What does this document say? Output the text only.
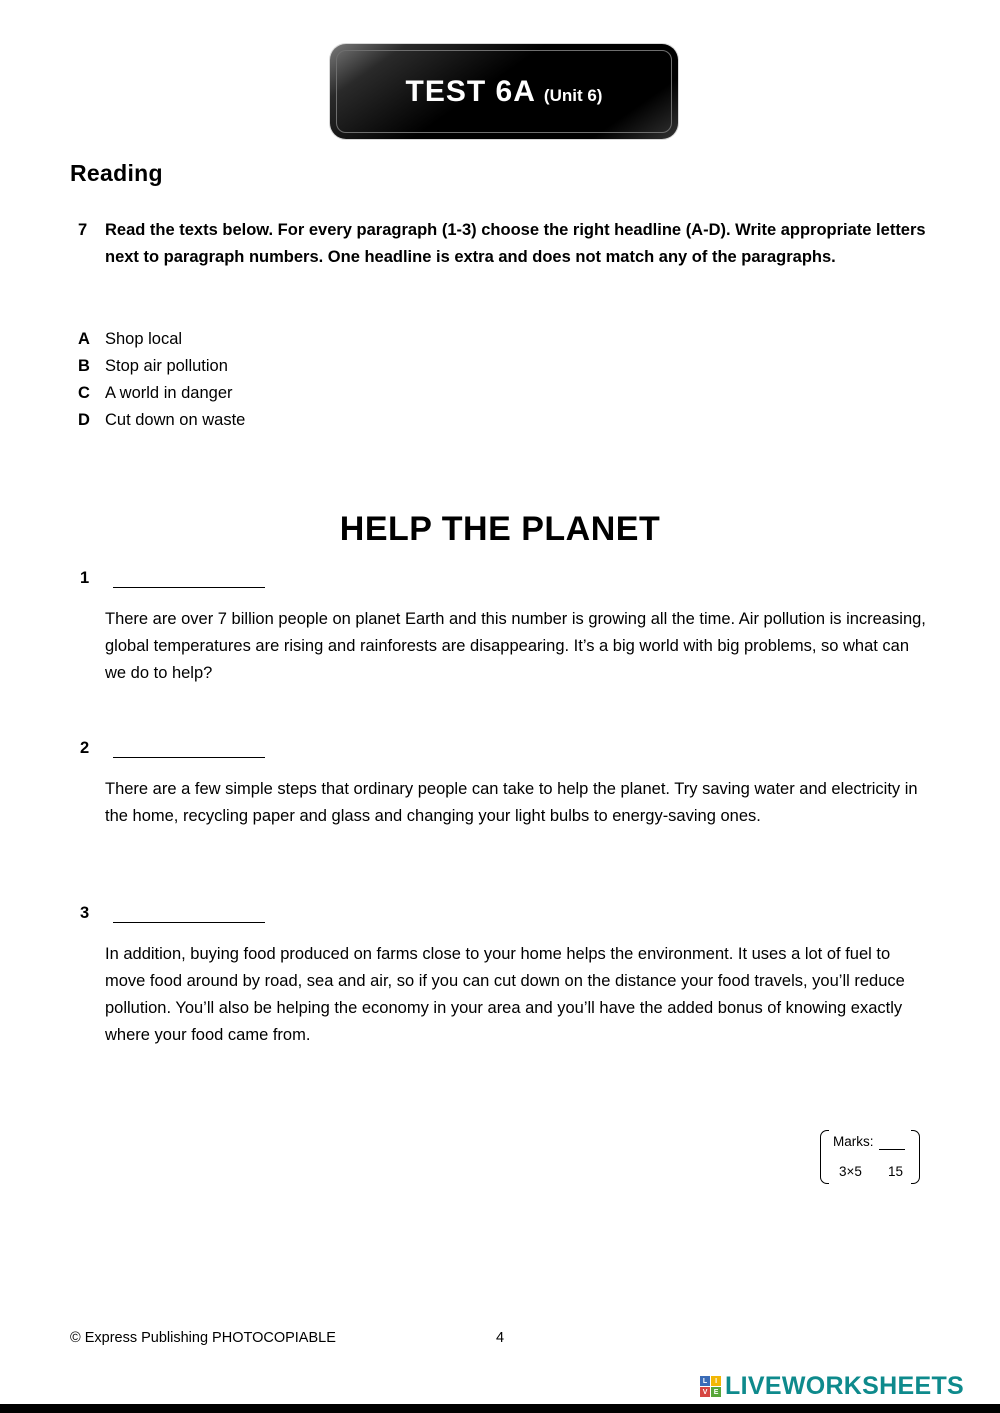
TEST 6A (Unit 6)
Reading
7	Read the texts below. For every paragraph (1-3) choose the right headline (A-D). Write appropriate letters next to paragraph numbers. One headline is extra and does not match any of the paragraphs.
A Shop local
B Stop air pollution
C A world in danger
D Cut down on waste
HELP THE PLANET
1
There are over 7 billion people on planet Earth and this number is growing all the time. Air pollution is increasing, global temperatures are rising and rainforests are disappearing. It’s a big world with big problems, so what can we do to help?
2
There are a few simple steps that ordinary people can take to help the planet. Try saving water and electricity in the home, recycling paper and glass and changing your light bulbs to energy-saving ones.
3
In addition, buying food produced on farms close to your home helps the environment. It uses a lot of fuel to move food around by road, sea and air, so if you can cut down on the distance your food travels, you’ll reduce pollution. You’ll also be helping the economy in your area and you’ll have the added bonus of knowing exactly where your food came from.
Marks:
3×5 15
© Express Publishing PHOTOCOPIABLE	4
L	I
V E LIVEWORKSHEETS
